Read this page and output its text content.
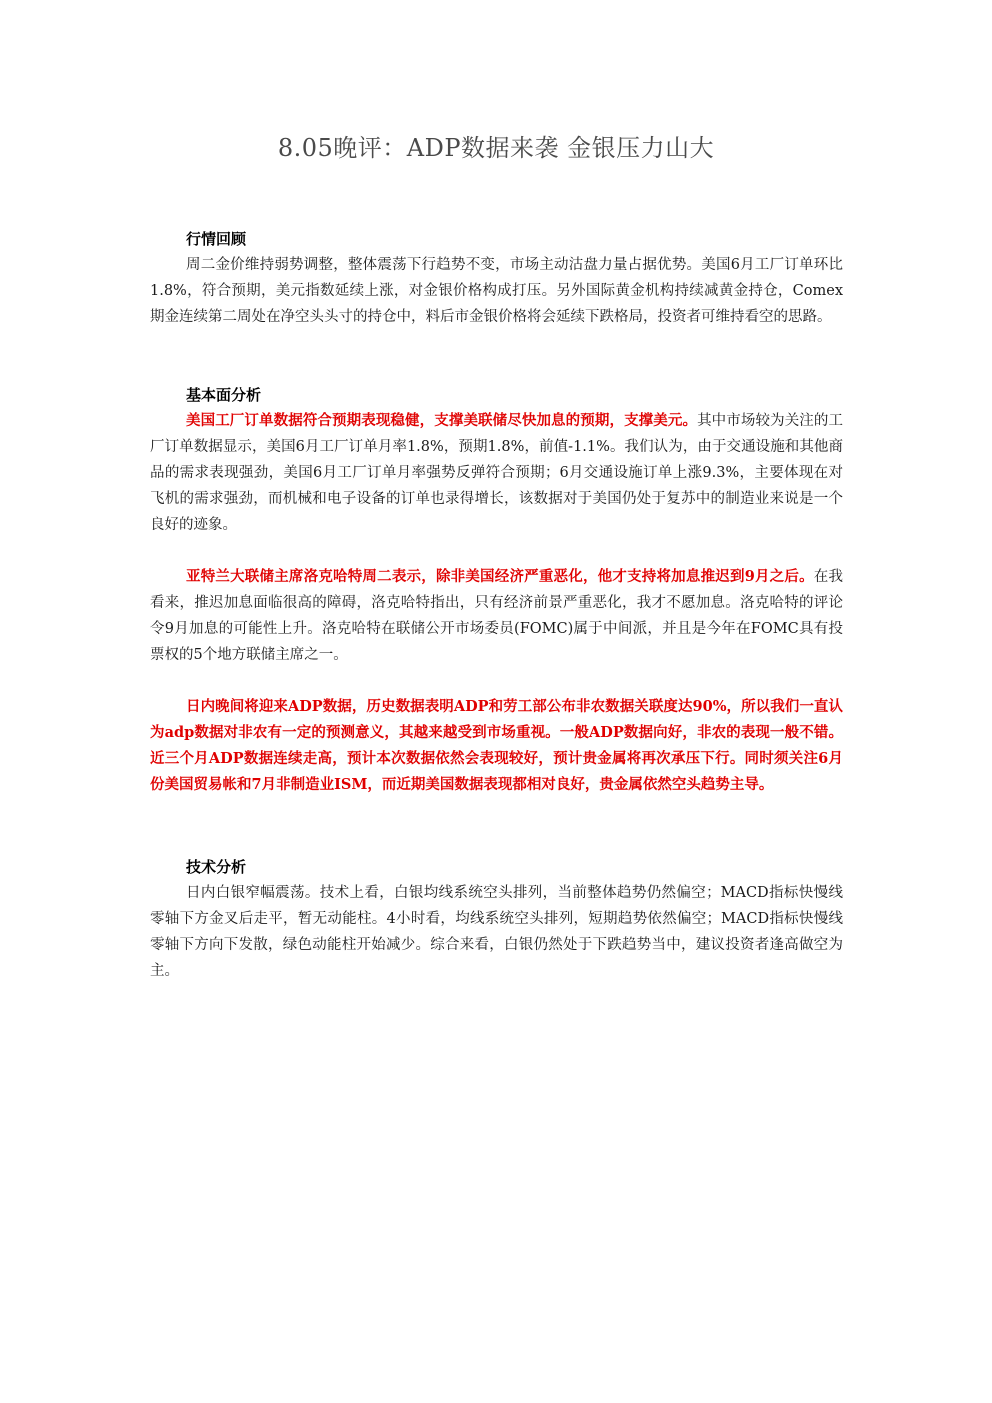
8.05晚评：ADP数据来袭 金银压力山大

行情回顾

周二金价维持弱势调整，整体震荡下行趋势不变，市场主动沽盘力量占据优势。美国6月工厂订单环比1.8%，符合预期，美元指数延续上涨，对金银价格构成打压。另外国际黄金机构持续减黄金持仓，Comex期金连续第二周处在净空头头寸的持仓中，料后市金银价格将会延续下跌格局，投资者可维持看空的思路。

基本面分析

美国工厂订单数据符合预期表现稳健，支撑美联储尽快加息的预期，支撑美元。其中市场较为关注的工厂订单数据显示，美国6月工厂订单月率1.8%，预期1.8%，前值-1.1%。我们认为，由于交通设施和其他商品的需求表现强劲，美国6月工厂订单月率强势反弹符合预期；6月交通设施订单上涨9.3%，主要体现在对飞机的需求强劲，而机械和电子设备的订单也录得增长，该数据对于美国仍处于复苏中的制造业来说是一个良好的迹象。

亚特兰大联储主席洛克哈特周二表示，除非美国经济严重恶化，他才支持将加息推迟到9月之后。在我看来，推迟加息面临很高的障碍，洛克哈特指出，只有经济前景严重恶化，我才不愿加息。洛克哈特的评论令9月加息的可能性上升。洛克哈特在联储公开市场委员(FOMC)属于中间派，并且是今年在FOMC具有投票权的5个地方联储主席之一。

日内晚间将迎来ADP数据，历史数据表明ADP和劳工部公布非农数据关联度达90%，所以我们一直认为adp数据对非农有一定的预测意义，其越来越受到市场重视。一般ADP数据向好，非农的表现一般不错。近三个月ADP数据连续走高，预计本次数据依然会表现较好，预计贵金属将再次承压下行。同时须关注6月份美国贸易帐和7月非制造业ISM，而近期美国数据表现都相对良好，贵金属依然空头趋势主导。

技术分析

日内白银窄幅震荡。技术上看，白银均线系统空头排列，当前整体趋势仍然偏空；MACD指标快慢线零轴下方金叉后走平，暂无动能柱。4小时看，均线系统空头排列，短期趋势依然偏空；MACD指标快慢线零轴下方向下发散，绿色动能柱开始减少。综合来看，白银仍然处于下跌趋势当中，建议投资者逢高做空为主。
